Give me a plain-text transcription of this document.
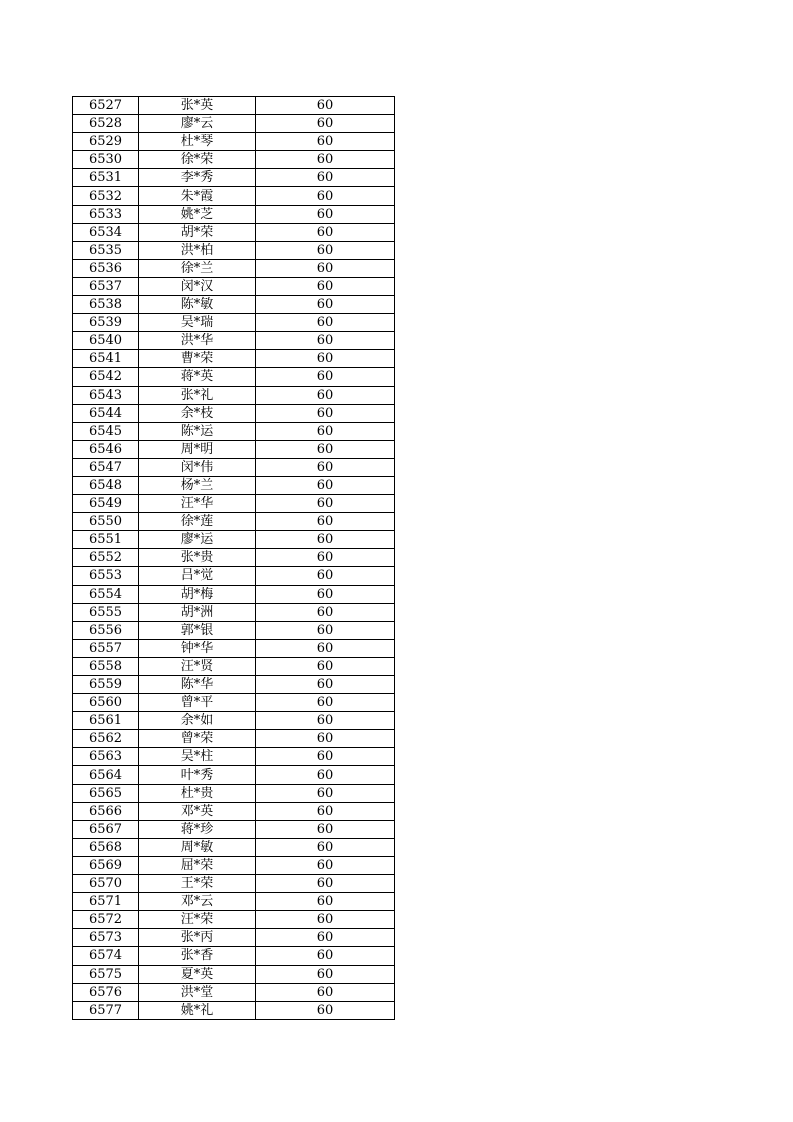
6527	张*英	60
6528	廖*云	60
6529	杜*琴	60
6530	徐*荣	60
6531	李*秀	60
6532	朱*霞	60
6533	姚*芝	60
6534	胡*荣	60
6535	洪*柏	60
6536	徐*兰	60
6537	闵*汉	60
6538	陈*敏	60
6539	吴*瑞	60
6540	洪*华	60
6541	曹*荣	60
6542	蒋*英	60
6543	张*礼	60
6544	余*枝	60
6545	陈*运	60
6546	周*明	60
6547	闵*伟	60
6548	杨*兰	60
6549	汪*华	60
6550	徐*莲	60
6551	廖*运	60
6552	张*贵	60
6553	吕*觉	60
6554	胡*梅	60
6555	胡*洲	60
6556	郭*银	60
6557	钟*华	60
6558	汪*贤	60
6559	陈*华	60
6560	曾*平	60
6561	余*如	60
6562	曾*荣	60
6563	吴*柱	60
6564	叶*秀	60
6565	杜*贵	60
6566	邓*英	60
6567	蒋*珍	60
6568	周*敏	60
6569	屈*荣	60
6570	王*荣	60
6571	邓*云	60
6572	汪*荣	60
6573	张*丙	60
6574	张*香	60
6575	夏*英	60
6576	洪*堂	60
6577	姚*礼	60
